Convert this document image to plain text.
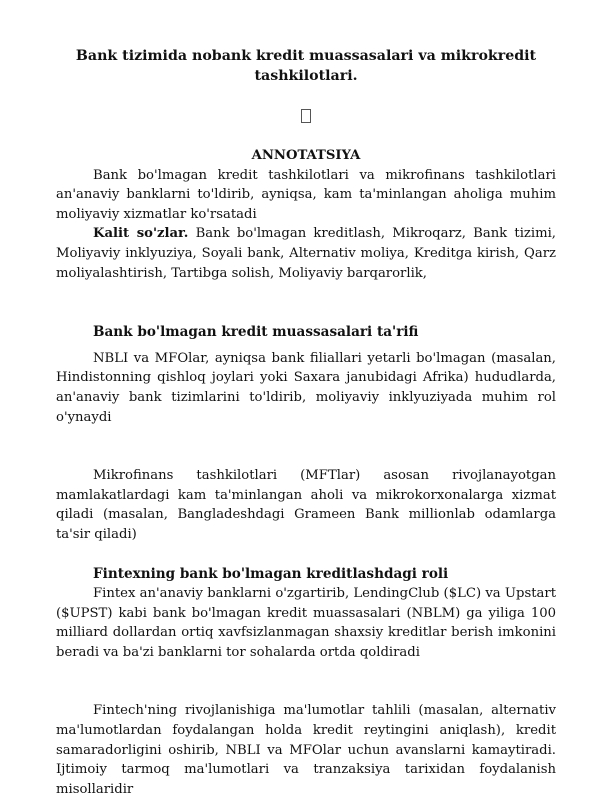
Bank tizimida nobank kredit muassasalari va mikrokredit
tashkilotlari.
ANNOTATSIYA

Bank bo'lmagan kredit tashkilotlari va mikrofinans tashkilotlari an'anaviy banklarni to'ldirib, ayniqsa, kam ta'minlangan aholiga muhim moliyaviy xizmatlar ko'rsatadi

Kalit so'zlar. Bank bo'lmagan kreditlash, Mikroqarz, Bank tizimi, Moliyaviy inklyuziya, Soyali bank, Alternativ moliya, Kreditga kirish, Qarz moliyalashtirish, Tartibga solish, Moliyaviy barqarorlik,

Bank bo'lmagan kredit muassasalari ta'rifi

NBLI va MFOlar, ayniqsa bank filiallari yetarli bo'lmagan (masalan, Hindistonning qishloq joylari yoki Saxara janubidagi Afrika) hududlarda, an'anaviy bank tizimlarini to'ldirib, moliyaviy inklyuziyada muhim rol o'ynaydi

Mikrofinans tashkilotlari (MFTlar) asosan rivojlanayotgan mamlakatlardagi kam ta'minlangan aholi va mikrokorxonalarga xizmat qiladi (masalan, Bangladeshdagi Grameen Bank millionlab odamlarga ta'sir qiladi)

Fintexning bank bo'lmagan kreditlashdagi roli

Fintex an'anaviy banklarni o'zgartirib, LendingClub ($LC) va Upstart ($UPST) kabi bank bo'lmagan kredit muassasalari (NBLM) ga yiliga 100 milliard dollardan ortiq xavfsizlanmagan shaxsiy kreditlar berish imkonini beradi va ba'zi banklarni tor sohalarda ortda qoldiradi

Fintech'ning rivojlanishiga ma'lumotlar tahlili (masalan, alternativ ma'lumotlardan foydalangan holda kredit reytingini aniqlash), kredit samaradorligini oshirib, NBLI va MFOlar uchun avanslarni kamaytiradi. Ijtimoiy tarmoq ma'lumotlari va tranzaksiya tarixidan foydalanish misollaridir
